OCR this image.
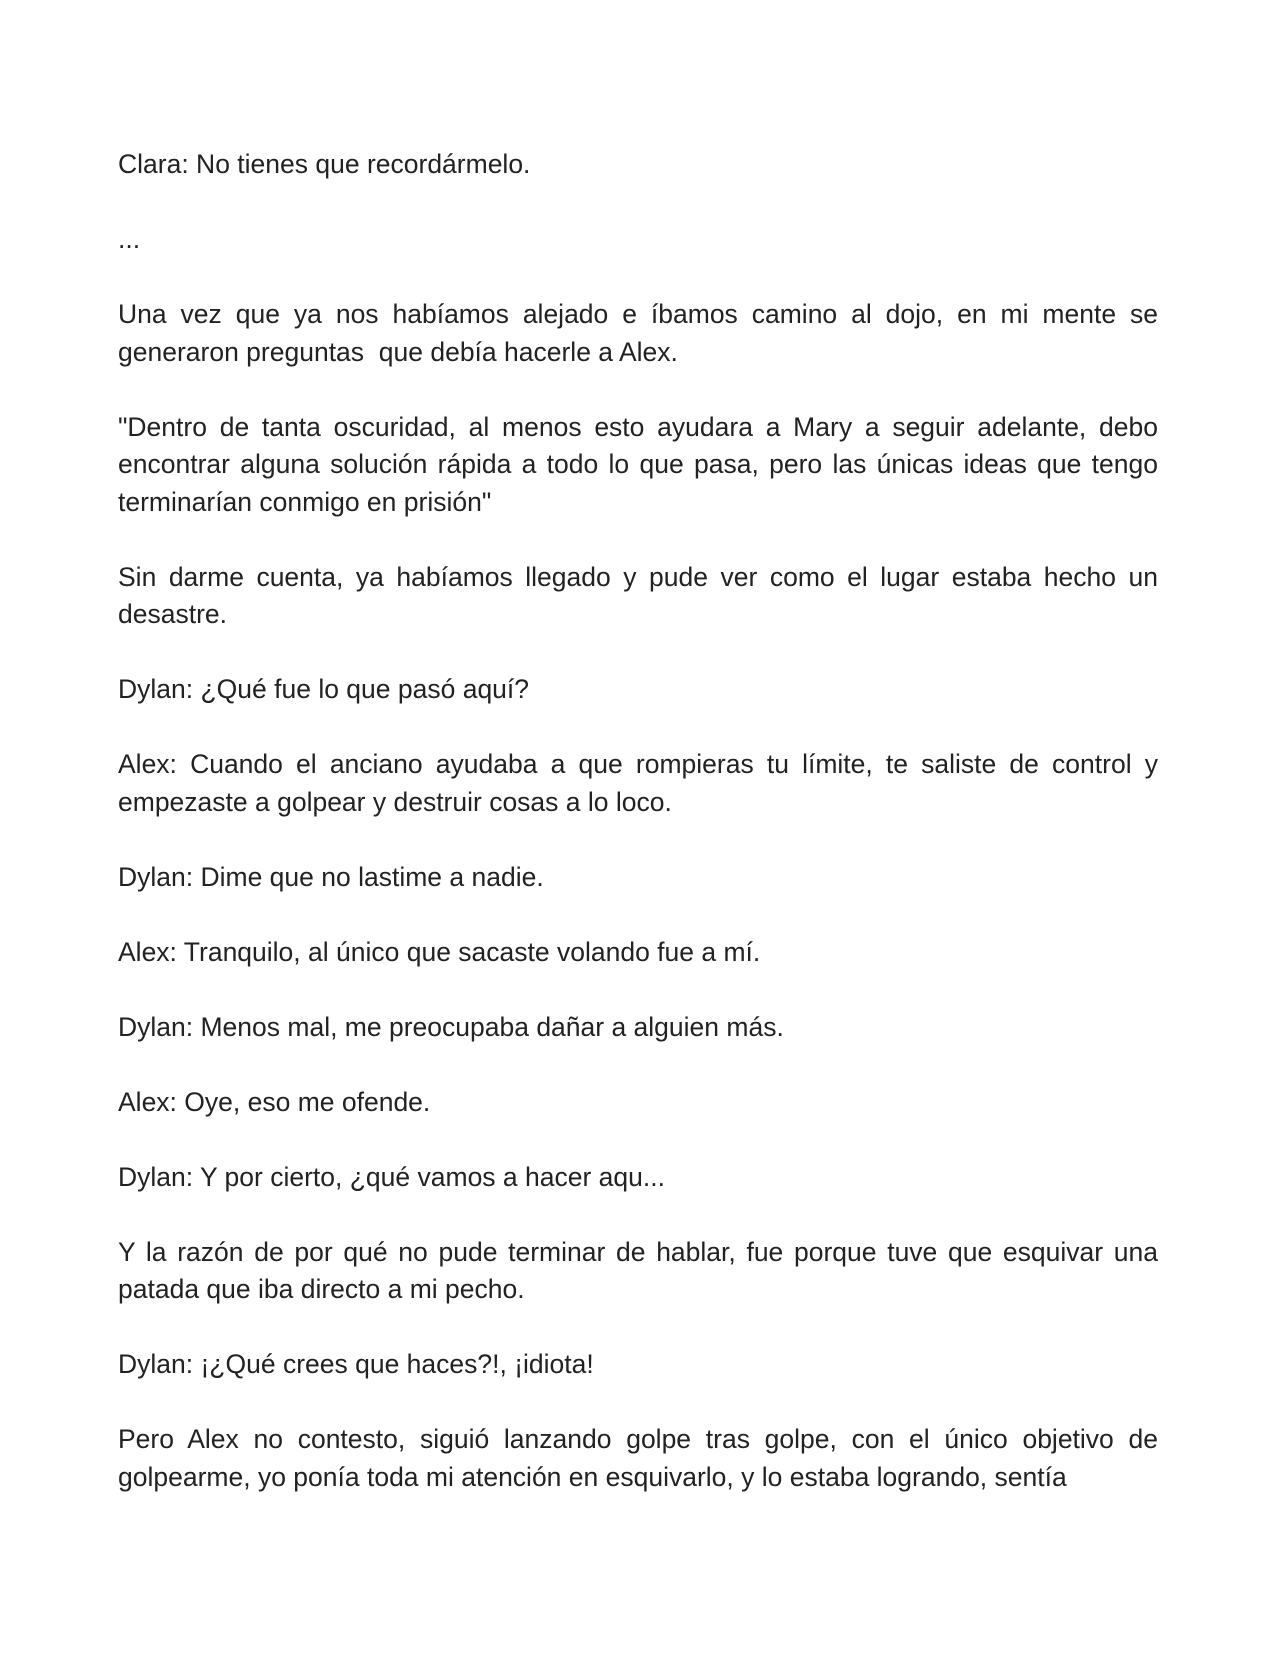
Clara: No tienes que recordármelo.

...

Una vez que ya nos habíamos alejado e íbamos camino al dojo, en mi mente se generaron preguntas  que debía hacerle a Alex.

"Dentro de tanta oscuridad, al menos esto ayudara a Mary a seguir adelante, debo encontrar alguna solución rápida a todo lo que pasa, pero las únicas ideas que tengo terminarían conmigo en prisión"

Sin darme cuenta, ya habíamos llegado y pude ver como el lugar estaba hecho un desastre.

Dylan: ¿Qué fue lo que pasó aquí?

Alex: Cuando el anciano ayudaba a que rompieras tu límite, te saliste de control y empezaste a golpear y destruir cosas a lo loco.

Dylan: Dime que no lastime a nadie.

Alex: Tranquilo, al único que sacaste volando fue a mí.

Dylan: Menos mal, me preocupaba dañar a alguien más.

Alex: Oye, eso me ofende.

Dylan: Y por cierto, ¿qué vamos a hacer aqu...

Y la razón de por qué no pude terminar de hablar, fue porque tuve que esquivar una patada que iba directo a mi pecho.

Dylan: ¡¿Qué crees que haces?!, ¡idiota!

Pero Alex no contesto, siguió lanzando golpe tras golpe, con el único objetivo de golpearme, yo ponía toda mi atención en esquivarlo, y lo estaba logrando, sentía
